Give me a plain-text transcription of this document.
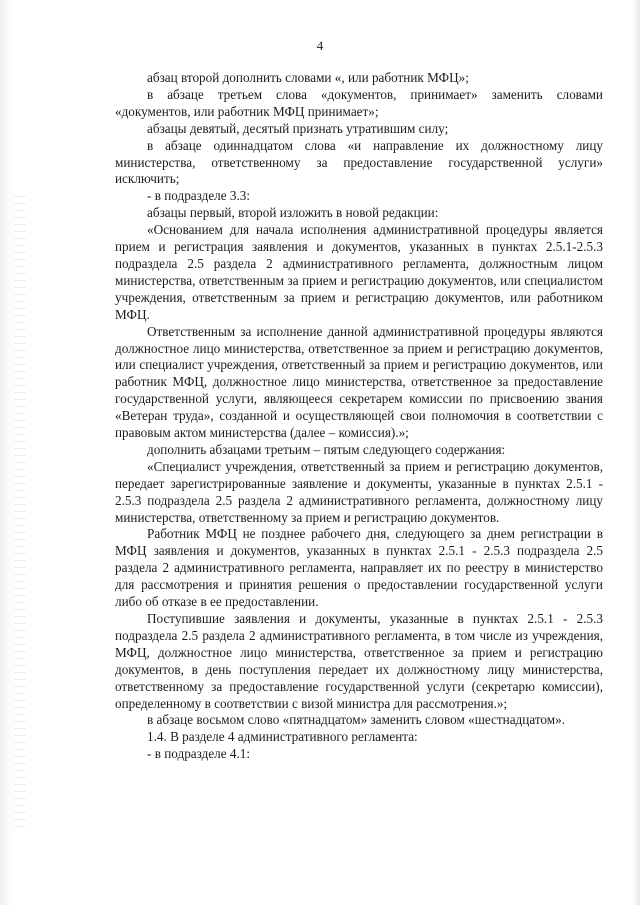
4

абзац второй дополнить словами «, или работник МФЦ»;

в абзаце третьем слова «документов, принимает» заменить словами «документов, или работник МФЦ принимает»;

абзацы девятый, десятый признать утратившим силу;

в абзаце одиннадцатом слова «и направление их должностному лицу министерства, ответственному за предоставление государственной услуги» исключить;

- в подразделе 3.3:

абзацы первый, второй изложить в новой редакции:

«Основанием для начала исполнения административной процедуры является прием и регистрация заявления и документов, указанных в пунктах 2.5.1-2.5.3 подраздела 2.5 раздела 2 административного регламента, должностным лицом министерства, ответственным за прием и регистрацию документов, или специалистом учреждения, ответственным за прием и регистрацию документов, или работником МФЦ.

Ответственным за исполнение данной административной процедуры являются должностное лицо министерства, ответственное за прием и регистрацию документов, или специалист учреждения, ответственный за прием и регистрацию документов, или работник МФЦ, должностное лицо министерства, ответственное за предоставление государственной услуги, являющееся секретарем комиссии по присвоению звания «Ветеран труда», созданной и осуществляющей свои полномочия в соответствии с правовым актом министерства (далее – комиссия).»;

дополнить абзацами третьим – пятым следующего содержания:

«Специалист учреждения, ответственный за прием и регистрацию документов, передает зарегистрированные заявление и документы, указанные в пунктах 2.5.1 - 2.5.3 подраздела 2.5 раздела 2 административного регламента, должностному лицу министерства, ответственному за прием и регистрацию документов.

Работник МФЦ не позднее рабочего дня, следующего за днем регистрации в МФЦ заявления и документов, указанных в пунктах 2.5.1 - 2.5.3 подраздела 2.5 раздела 2 административного регламента, направляет их по реестру в министерство для рассмотрения и принятия решения о предоставлении государственной услуги либо об отказе в ее предоставлении.

Поступившие заявления и документы, указанные в пунктах 2.5.1 - 2.5.3 подраздела 2.5 раздела 2 административного регламента, в том числе из учреждения, МФЦ, должностное лицо министерства, ответственное за прием и регистрацию документов, в день поступления передает их должностному лицу министерства, ответственному за предоставление государственной услуги (секретарю комиссии), определенному в соответствии с визой министра для рассмотрения.»;

в абзаце восьмом слово «пятнадцатом» заменить словом «шестнадцатом».

1.4. В разделе 4 административного регламента:

- в подразделе 4.1:
